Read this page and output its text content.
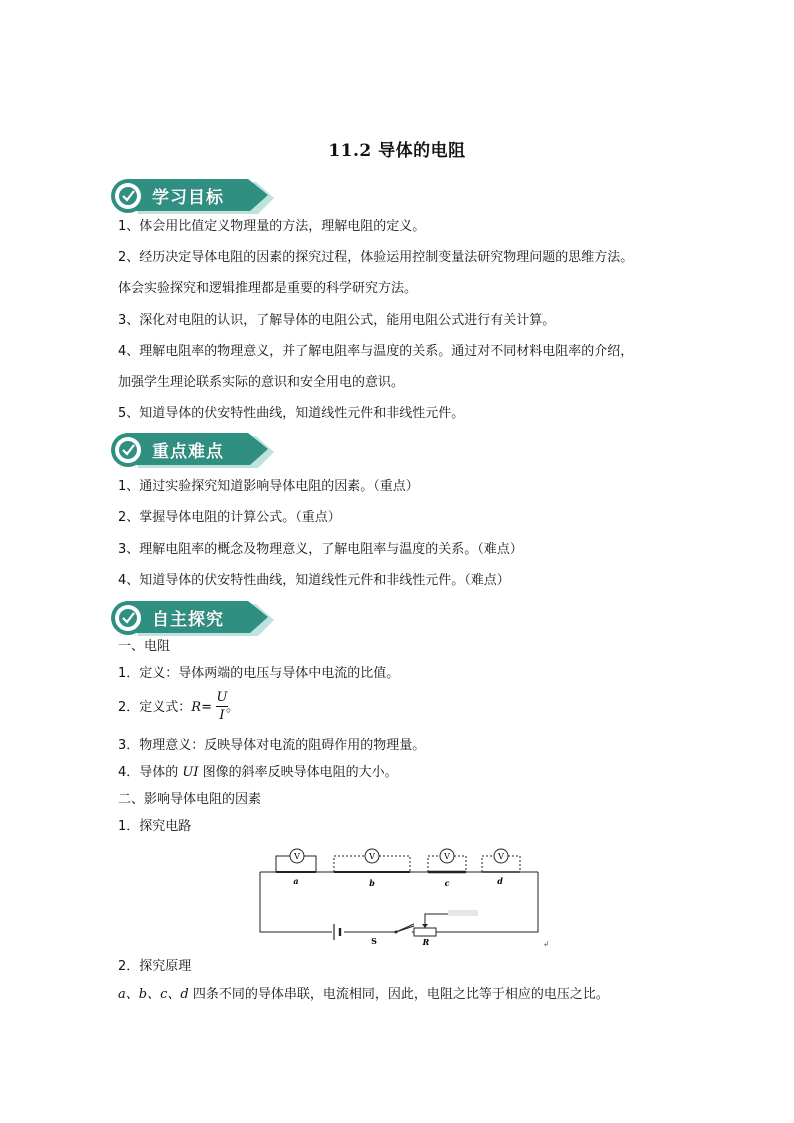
11.2 导体的电阻
学习目标
1、体会用比值定义物理量的方法，理解电阻的定义。
2、经历决定导体电阻的因素的探究过程，体验运用控制变量法研究物理问题的思维方法。
体会实验探究和逻辑推理都是重要的科学研究方法。
3、深化对电阻的认识，了解导体的电阻公式，能用电阻公式进行有关计算。
4、理解电阻率的物理意义，并了解电阻率与温度的关系。通过对不同材料电阻率的介绍，
加强学生理论联系实际的意识和安全用电的意识。
5、知道导体的伏安特性曲线，知道线性元件和非线性元件。
重点难点
1、通过实验探究知道影响导体电阻的因素。（重点）
2、掌握导体电阻的计算公式。（重点）
3、理解电阻率的概念及物理意义，了解电阻率与温度的关系。（难点）
4、知道导体的伏安特性曲线，知道线性元件和非线性元件。（难点）
自主探究
一、电阻
1．定义：导体两端的电压与导体中电流的比值。
2．定义式：R= 。
U
I
3．物理意义：反映导体对电流的阻碍作用的物理量。
4．导体的 UI 图像的斜率反映导体电阻的大小。
二、影响导体电阻的因素
1．探究电路
V	V	V	V
a	b	c	d
S	R	↲
2．探究原理
a、b、c、d 四条不同的导体串联，电流相同，因此，电阻之比等于相应的电压之比。
